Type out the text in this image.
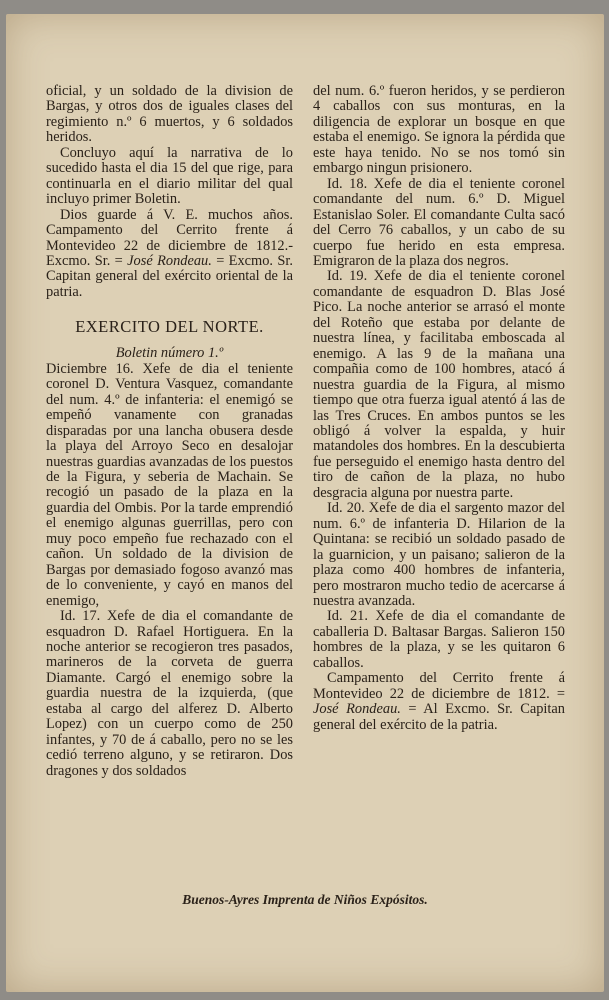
oficial, y un soldado de la division de Bargas, y otros dos de iguales clases del regimiento n.º 6 muertos, y 6 soldados heridos.

Concluyo aquí la narrativa de lo sucedido hasta el dia 15 del que rige, para continuarla en el diario militar del qual incluyo primer Boletin.

Dios guarde á V. E. muchos años. Campamento del Cerrito frente á Montevideo 22 de diciembre de 1812.- Excmo. Sr. = José Rondeau. = Excmo. Sr. Capitan general del exército oriental de la patria.

EXERCITO DEL NORTE.

Boletin número 1.º

Diciembre 16. Xefe de dia el teniente coronel D. Ventura Vasquez, comandante del num. 4.º de infanteria: el enemigó se empeñó vanamente con granadas disparadas por una lancha obusera desde la playa del Arroyo Seco en desalojar nuestras guardias avanzadas de los puestos de la Figura, y seberia de Machain. Se recogió un pasado de la plaza en la guardia del Ombis. Por la tarde emprendió el enemigo algunas guerrillas, pero con muy poco empeño fue rechazado con el cañon. Un soldado de la division de Bargas por demasiado fogoso avanzó mas de lo conveniente, y cayó en manos del enemigo,

Id. 17. Xefe de dia el comandante de esquadron D. Rafael Hortiguera. En la noche anterior se recogieron tres pasados, marineros de la corveta de guerra Diamante. Cargó el enemigo sobre la guardia nuestra de la izquierda, (que estaba al cargo del alferez D. Alberto Lopez) con un cuerpo como de 250 infantes, y 70 de á caballo, pero no se les cedió terreno alguno, y se retiraron. Dos dragones y dos soldados

del num. 6.º fueron heridos, y se perdieron 4 caballos con sus monturas, en la diligencia de explorar un bosque en que estaba el enemigo. Se ignora la pérdida que este haya tenido. No se nos tomó sin embargo ningun prisionero.

Id. 18. Xefe de dia el teniente coronel comandante del num. 6.º D. Miguel Estanislao Soler. El comandante Culta sacó del Cerro 76 caballos, y un cabo de su cuerpo fue herido en esta empresa. Emigraron de la plaza dos negros.

Id. 19. Xefe de dia el teniente coronel comandante de esquadron D. Blas José Pico. La noche anterior se arrasó el monte del Roteño que estaba por delante de nuestra línea, y facilitaba emboscada al enemigo. A las 9 de la mañana una compañia como de 100 hombres, atacó á nuestra guardia de la Figura, al mismo tiempo que otra fuerza igual atentó á las de las Tres Cruces. En ambos puntos se les obligó á volver la espalda, y huir matandoles dos hombres. En la descubierta fue perseguido el enemigo hasta dentro del tiro de cañon de la plaza, no hubo desgracia alguna por nuestra parte.

Id. 20. Xefe de dia el sargento mazor del num. 6.º de infanteria D. Hilarion de la Quintana: se recibió un soldado pasado de la guarnicion, y un paisano; salieron de la plaza como 400 hombres de infanteria, pero mostraron mucho tedio de acercarse á nuestra avanzada.

Id. 21. Xefe de dia el comandante de caballeria D. Baltasar Bargas. Salieron 150 hombres de la plaza, y se les quitaron 6 caballos.

Campamento del Cerrito frente á Montevideo 22 de diciembre de 1812. = José Rondeau. = Al Excmo. Sr. Capitan general del exército de la patria.

Buenos-Ayres Imprenta de Niños Expósitos.
